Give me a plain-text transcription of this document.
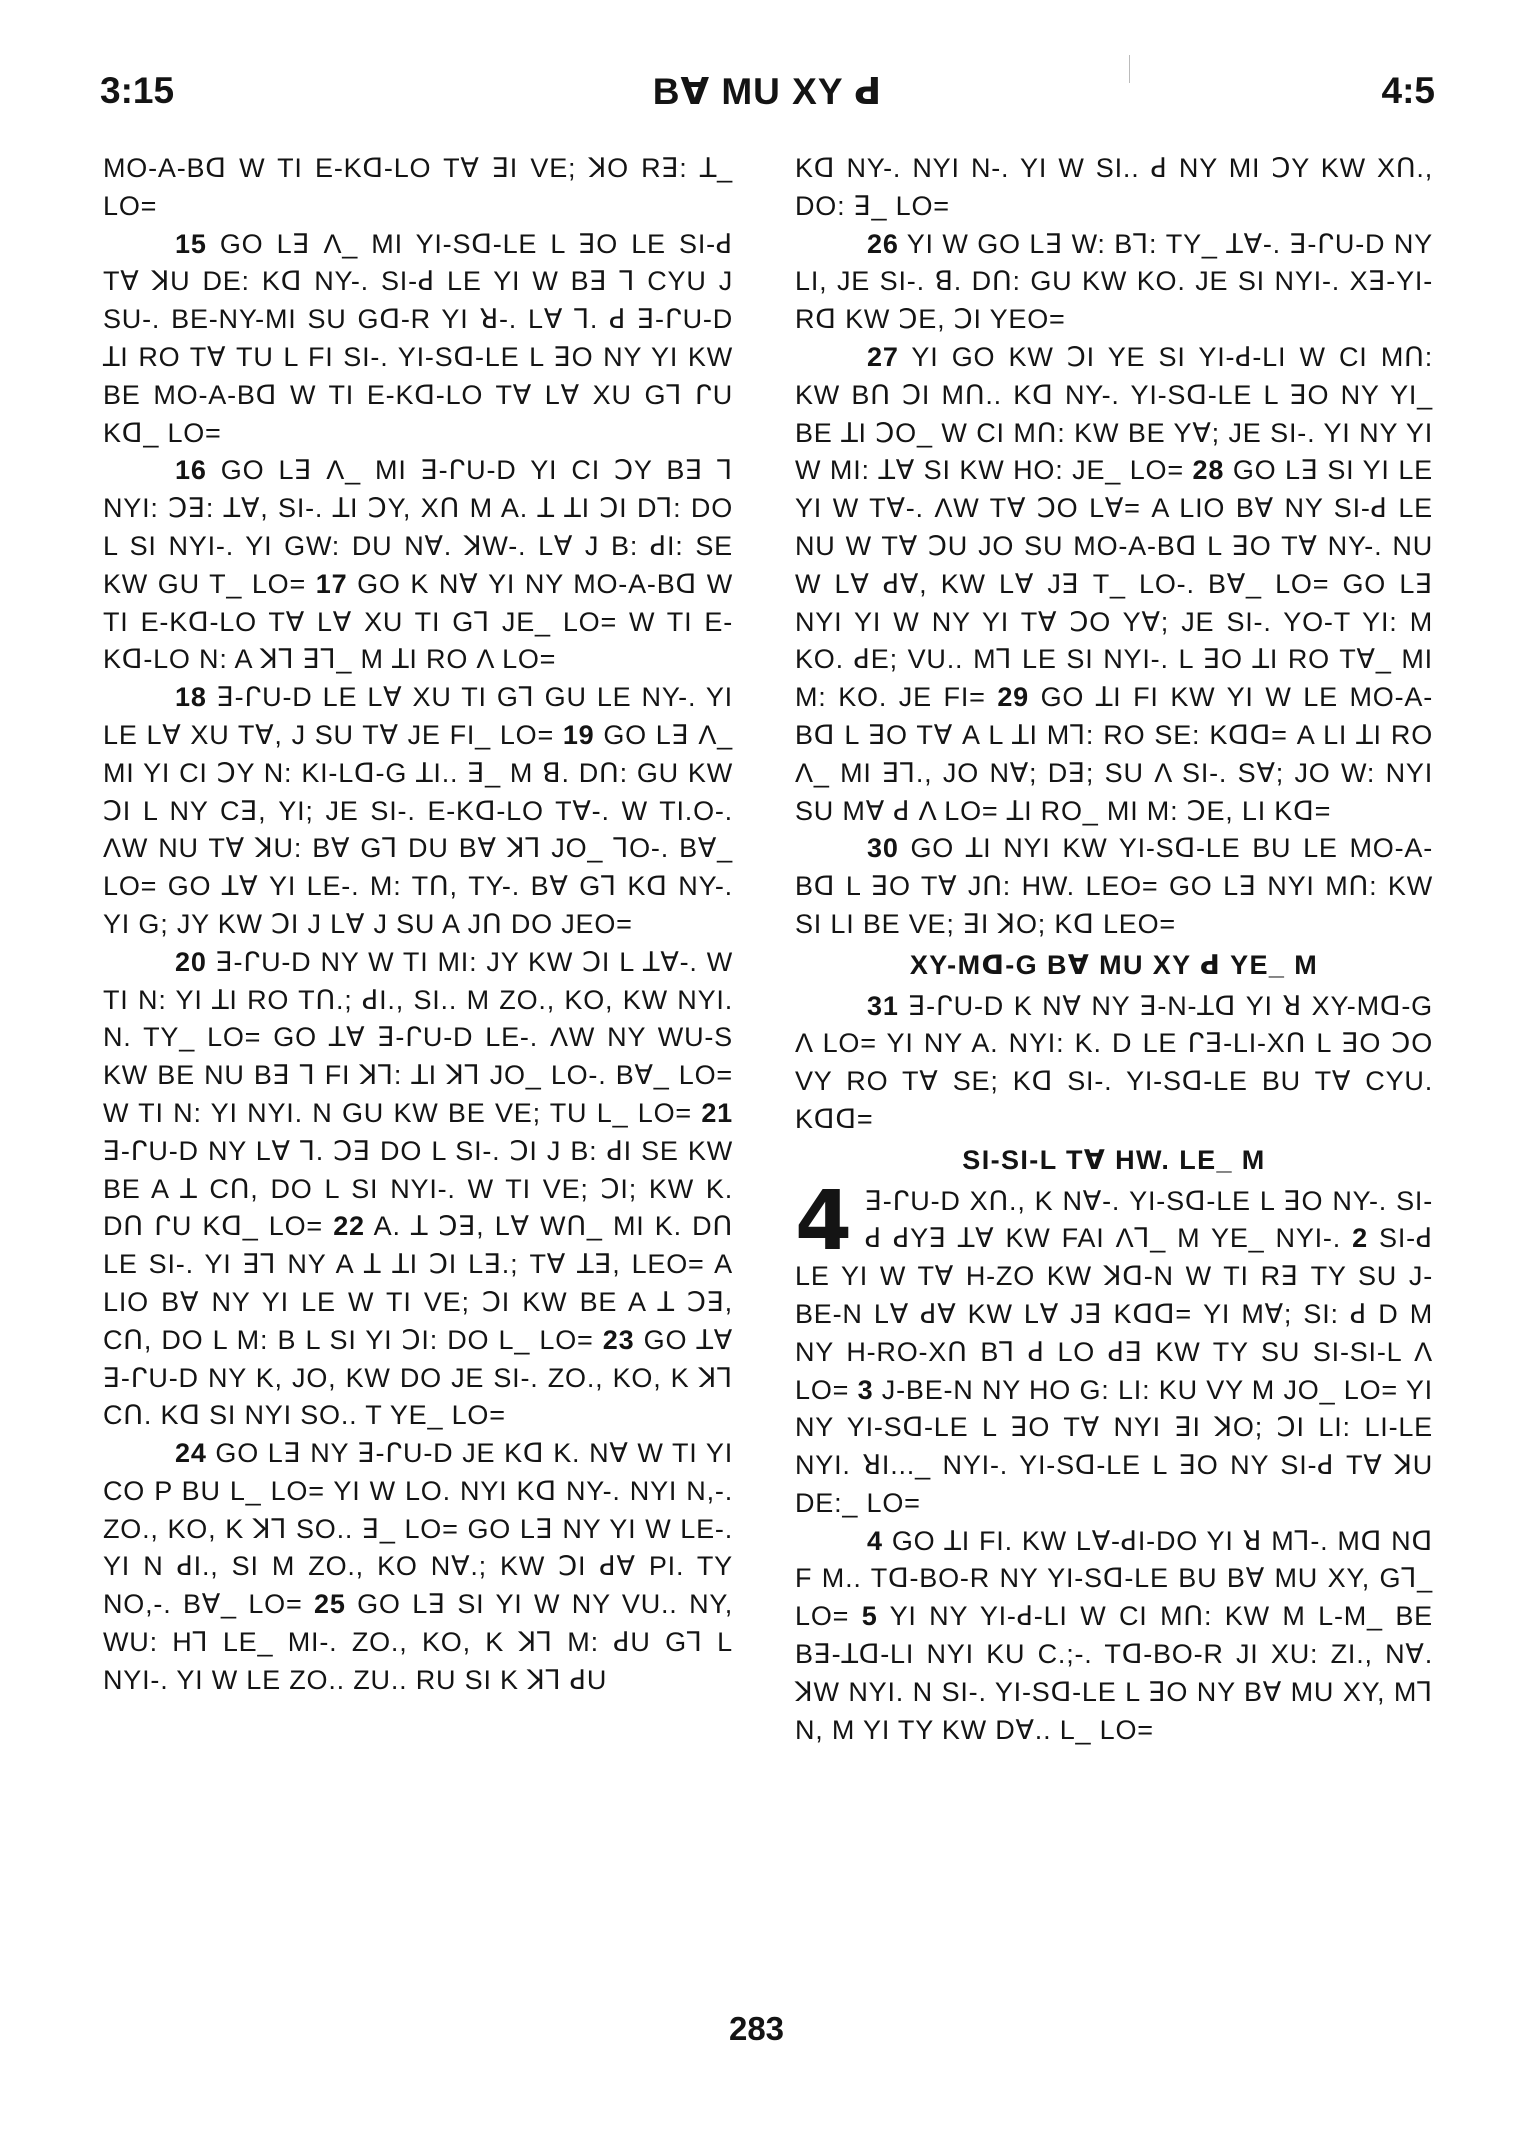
3:15	Bꓯ MU XY ꓒ	4:5

MO-A-Bᗡ W TI E-Kᗡ-LO Tꓯ ꓱI VE; ꓘO Rꓱ: ꓕ_ LO=

15 GO Lꓱ Λ_ MI YI-Sᗡ-LE L ꓱO LE SI-ꓒ Tꓯ ꓘU DE: Kᗡ NY-. SI-ꓒ LE YI W Bꓱ ꓶ CYU J SU-. BE-NY-MI SU Gᗡ-R YI ꓤ-. Lꓯ ꓶ. ꓒ ꓱ-ᒋU-D ꓕI RO Tꓯ TU L FI SI-. YI-Sᗡ-LE L ꓱO NY YI KW BE MO-A-Bᗡ W TI E-Kᗡ-LO Tꓯ Lꓯ XU Gꓶ ᒋU Kᗡ_ LO=

16 GO Lꓱ Λ_ MI ꓱ-ᒋU-D YI CI ꓛY Bꓱ ꓶ NYI: ꓛꓱ: ꓕꓯ, SI-. ꓕI ꓛY, Xᑎ M A. ꓕ ꓕI ꓛI Dꓶ: DO L SI NYI-. YI GW: DU Nꓯ. ꓘW-. Lꓯ J B: ꓒI: SE KW GU T_ LO= 17 GO K Nꓯ YI NY MO-A-Bᗡ W TI E-Kᗡ-LO Tꓯ Lꓯ XU TI Gꓶ JE_ LO= W TI E-Kᗡ-LO N: A ꓘꓶ ꓱꓶ_ M ꓕI RO Λ LO=

18 ꓱ-ᒋU-D LE Lꓯ XU TI Gꓶ GU LE NY-. YI LE Lꓯ XU Tꓯ, J SU Tꓯ JE FI_ LO= 19 GO Lꓱ Λ_ MI YI CI ꓛY N: KI-Lᗡ-G ꓕI.. ꓱ_ M ꓭ. Dᑎ: GU KW ꓛI L NY Cꓱ, YI; JE SI-. E-Kᗡ-LO Tꓯ-. W TI.O-. ΛW NU Tꓯ ꓘU: Bꓯ Gꓶ DU Bꓯ ꓘꓶ JO_ ꓶO-. Bꓯ_ LO= GO ꓕꓯ YI LE-. M: Tᑎ, TY-. Bꓯ Gꓶ Kᗡ NY-. YI G; JY KW ꓛI J Lꓯ J SU A Jᑎ DO JEO=

20 ꓱ-ᒋU-D NY W TI MI: JY KW ꓛI L ꓕꓯ-. W TI N: YI ꓕI RO Tᑎ.; ꓒI., SI.. M ZO., KO, KW NYI. N. TY_ LO= GO ꓕꓯ ꓱ-ᒋU-D LE-. ΛW NY WU-S KW BE NU Bꓱ ꓶ FI ꓘꓶ: ꓕI ꓘꓶ JO_ LO-. Bꓯ_ LO= W TI N: YI NYI. N GU KW BE VE; TU L_ LO= 21 ꓱ-ᒋU-D NY Lꓯ ꓶ. ꓛꓱ DO L SI-. ꓛI J B: ꓒI SE KW BE A ꓕ Cᑎ, DO L SI NYI-. W TI VE; ꓛI; KW K. Dᑎ ᒋU Kᗡ_ LO= 22 A. ꓕ ꓛꓱ, Lꓯ Wᑎ_ MI K. Dᑎ LE SI-. YI ꓱꓶ NY A ꓕ ꓕI ꓛI Lꓱ.; Tꓯ ꓕꓱ, LEO= A LIO Bꓯ NY YI LE W TI VE; ꓛI KW BE A ꓕ ꓛꓱ, Cᑎ, DO L M: B L SI YI ꓛI: DO L_ LO= 23 GO ꓕꓯ ꓱ-ᒋU-D NY K, JO, KW DO JE SI-. ZO., KO, K ꓘꓶ Cᑎ. Kᗡ SI NYI SO.. T YE_ LO=

24 GO Lꓱ NY ꓱ-ᒋU-D JE Kᗡ K. Nꓯ W TI YI CO P BU L_ LO= YI W LO. NYI Kᗡ NY-. NYI N,-. ZO., KO, K ꓘꓶ SO.. ꓱ_ LO= GO Lꓱ NY YI W LE-. YI N ꓒI., SI M ZO., KO Nꓯ.; KW ꓛI ꓒꓯ PI. TY NO,-. Bꓯ_ LO= 25 GO Lꓱ SI YI W NY VU.. NY, WU: Hꓶ LE_ MI-. ZO., KO, K ꓘꓶ M: ꓒU Gꓶ L NYI-. YI W LE ZO.. ZU.. RU SI K ꓘꓶ ꓒU

Kᗡ NY-. NYI N-. YI W SI.. ꓒ NY MI ꓛY KW Xᑎ., DO: ꓱ_ LO=

26 YI W GO Lꓱ W: Bꓶ: TY_ ꓕꓯ-. ꓱ-ᒋU-D NY LI, JE SI-. ꓭ. Dᑎ: GU KW KO. JE SI NYI-. Xꓱ-YI-Rᗡ KW ꓛE, ꓛI YEO=

27 YI GO KW ꓛI YE SI YI-ꓒ-LI W CI Mᑎ: KW Bᑎ ꓛI Mᑎ.. Kᗡ NY-. YI-Sᗡ-LE L ꓱO NY YI_ BE ꓕI ꓛO_ W CI Mᑎ: KW BE Yꓯ; JE SI-. YI NY YI W MI: ꓕꓯ SI KW HO: JE_ LO= 28 GO Lꓱ SI YI LE YI W Tꓯ-. ΛW Tꓯ ꓛO Lꓯ= A LIO Bꓯ NY SI-ꓒ LE NU W Tꓯ ꓛU JO SU MO-A-Bᗡ L ꓱO Tꓯ NY-. NU W Lꓯ ꓒꓯ, KW Lꓯ Jꓱ T_ LO-. Bꓯ_ LO= GO Lꓱ NYI YI W NY YI Tꓯ ꓛO Yꓯ; JE SI-. YO-T YI: M KO. ꓒE; VU.. Mꓶ LE SI NYI-. L ꓱO ꓕI RO Tꓯ_ MI M: KO. JE FI= 29 GO ꓕI FI KW YI W LE MO-A-Bᗡ L ꓱO Tꓯ A L ꓕI Mꓶ: RO SE: Kᗡᗡ= A LI ꓕI RO Λ_ MI ꓱꓶ., JO Nꓯ; Dꓱ; SU Λ SI-. Sꓯ; JO W: NYI SU Mꓯ ꓒ Λ LO= ꓕI RO_ MI M: ꓛE, LI Kᗡ=

30 GO ꓕI NYI KW YI-Sᗡ-LE BU LE MO-A-Bᗡ L ꓱO Tꓯ Jᑎ: HW. LEO= GO Lꓱ NYI Mᑎ: KW SI LI BE VE; ꓱI ꓘO; Kᗡ LEO=

XY-Mᗡ-G Bꓯ MU XY ꓒ YE_ M

31 ꓱ-ᒋU-D K Nꓯ NY ꓱ-N-ꓕᗡ YI ꓤ XY-Mᗡ-G Λ LO= YI NY A. NYI: K. D LE ᒋꓱ-LI-Xᑎ L ꓱO ꓛO VY RO Tꓯ SE; Kᗡ SI-. YI-Sᗡ-LE BU Tꓯ CYU. Kᗡᗡ=

SI-SI-L Tꓯ HW. LE_ M

4 ꓱ-ᒋU-D Xᑎ., K Nꓯ-. YI-Sᗡ-LE L ꓱO NY-. SI-ꓒ ꓒYꓱ ꓕꓯ KW FAI Λꓶ_ M YE_ NYI-. 2 SI-ꓒ LE YI W Tꓯ H-ZO KW ꓘᗡ-N W TI Rꓱ TY SU J-BE-N Lꓯ ꓒꓯ KW Lꓯ Jꓱ Kᗡᗡ= YI Mꓯ; SI: ꓒ D M NY H-RO-Xᑎ Bꓶ ꓒ LO ꓒꓱ KW TY SU SI-SI-L Λ LO= 3 J-BE-N NY HO G: LI: KU VY M JO_ LO= YI NY YI-Sᗡ-LE L ꓱO Tꓯ NYI ꓱI ꓘO; ꓛI LI: LI-LE NYI. ꓤI..._ NYI-. YI-Sᗡ-LE L ꓱO NY SI-ꓒ Tꓯ ꓘU DE:_ LO=

4 GO ꓕI FI. KW Lꓯ-ꓒI-DO YI ꓤ Mꓶ-. Mᗡ Nᗡ F M.. Tᗡ-BO-R NY YI-Sᗡ-LE BU Bꓯ MU XY, Gꓶ_ LO= 5 YI NY YI-ꓒ-LI W CI Mᑎ: KW M L-M_ BE Bꓱ-ꓕᗡ-LI NYI KU C.;-. Tᗡ-BO-R JI XU: ZI., Nꓯ. ꓘW NYI. N SI-. YI-Sᗡ-LE L ꓱO NY Bꓯ MU XY, Mꓶ N, M YI TY KW Dꓯ.. L_ LO=

283
